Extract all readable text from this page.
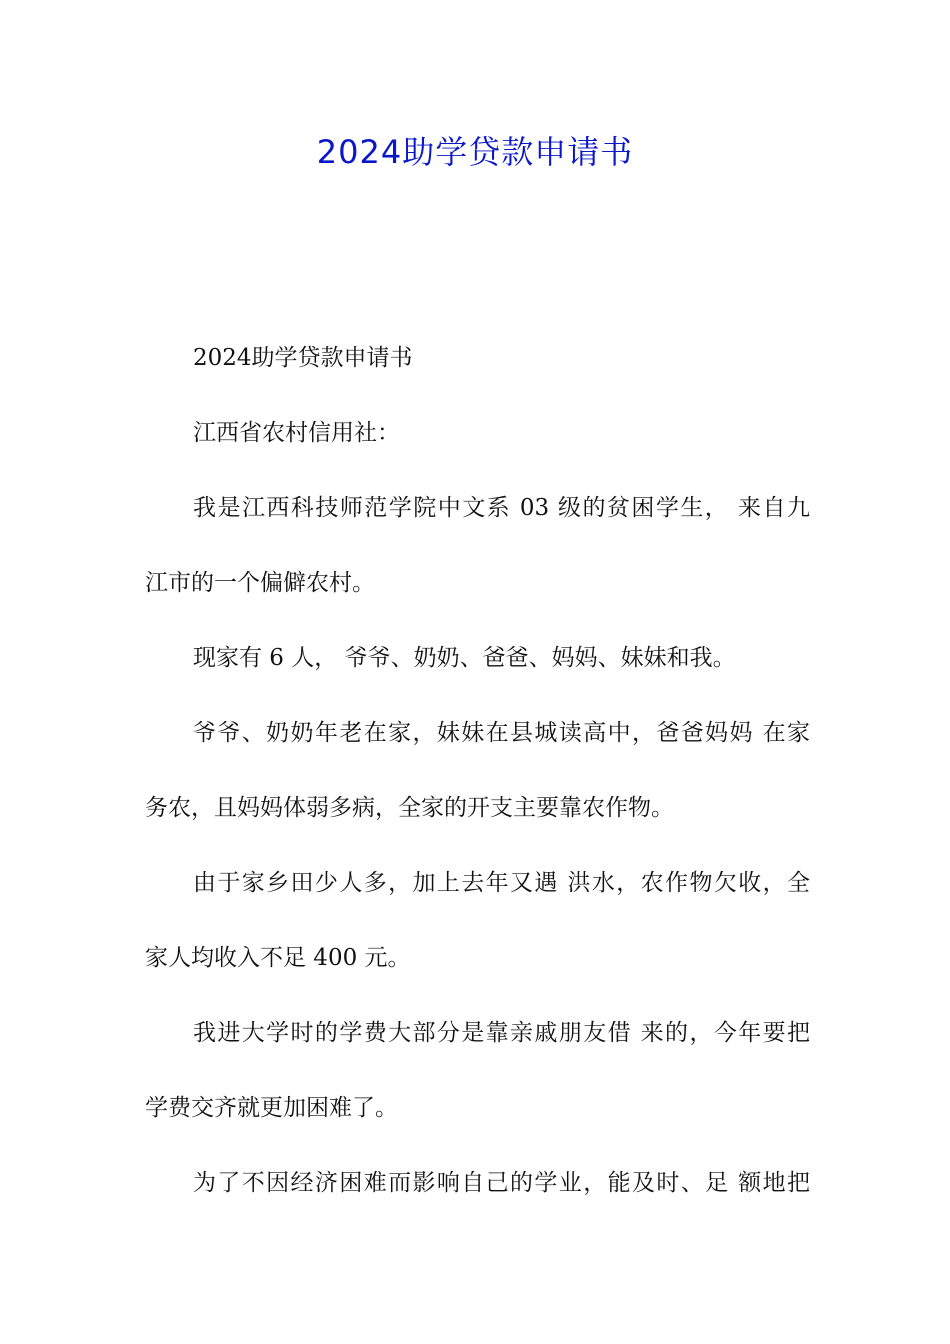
2024助学贷款申请书
2024助学贷款申请书
江西省农村信用社：
我是江西科技师范学院中文系 03 级的贫困学生， 来自九
江市的一个偏僻农村。
现家有 6 人， 爷爷、奶奶、爸爸、妈妈、妹妹和我。
爷爷、奶奶年老在家，妹妹在县城读高中，爸爸妈妈 在家
务农，且妈妈体弱多病，全家的开支主要靠农作物。
由于家乡田少人多，加上去年又遇 洪水，农作物欠收，全
家人均收入不足 400 元。
我进大学时的学费大部分是靠亲戚朋友借 来的，今年要把
学费交齐就更加困难了。
为了不因经济困难而影响自己的学业，能及时、足 额地把
